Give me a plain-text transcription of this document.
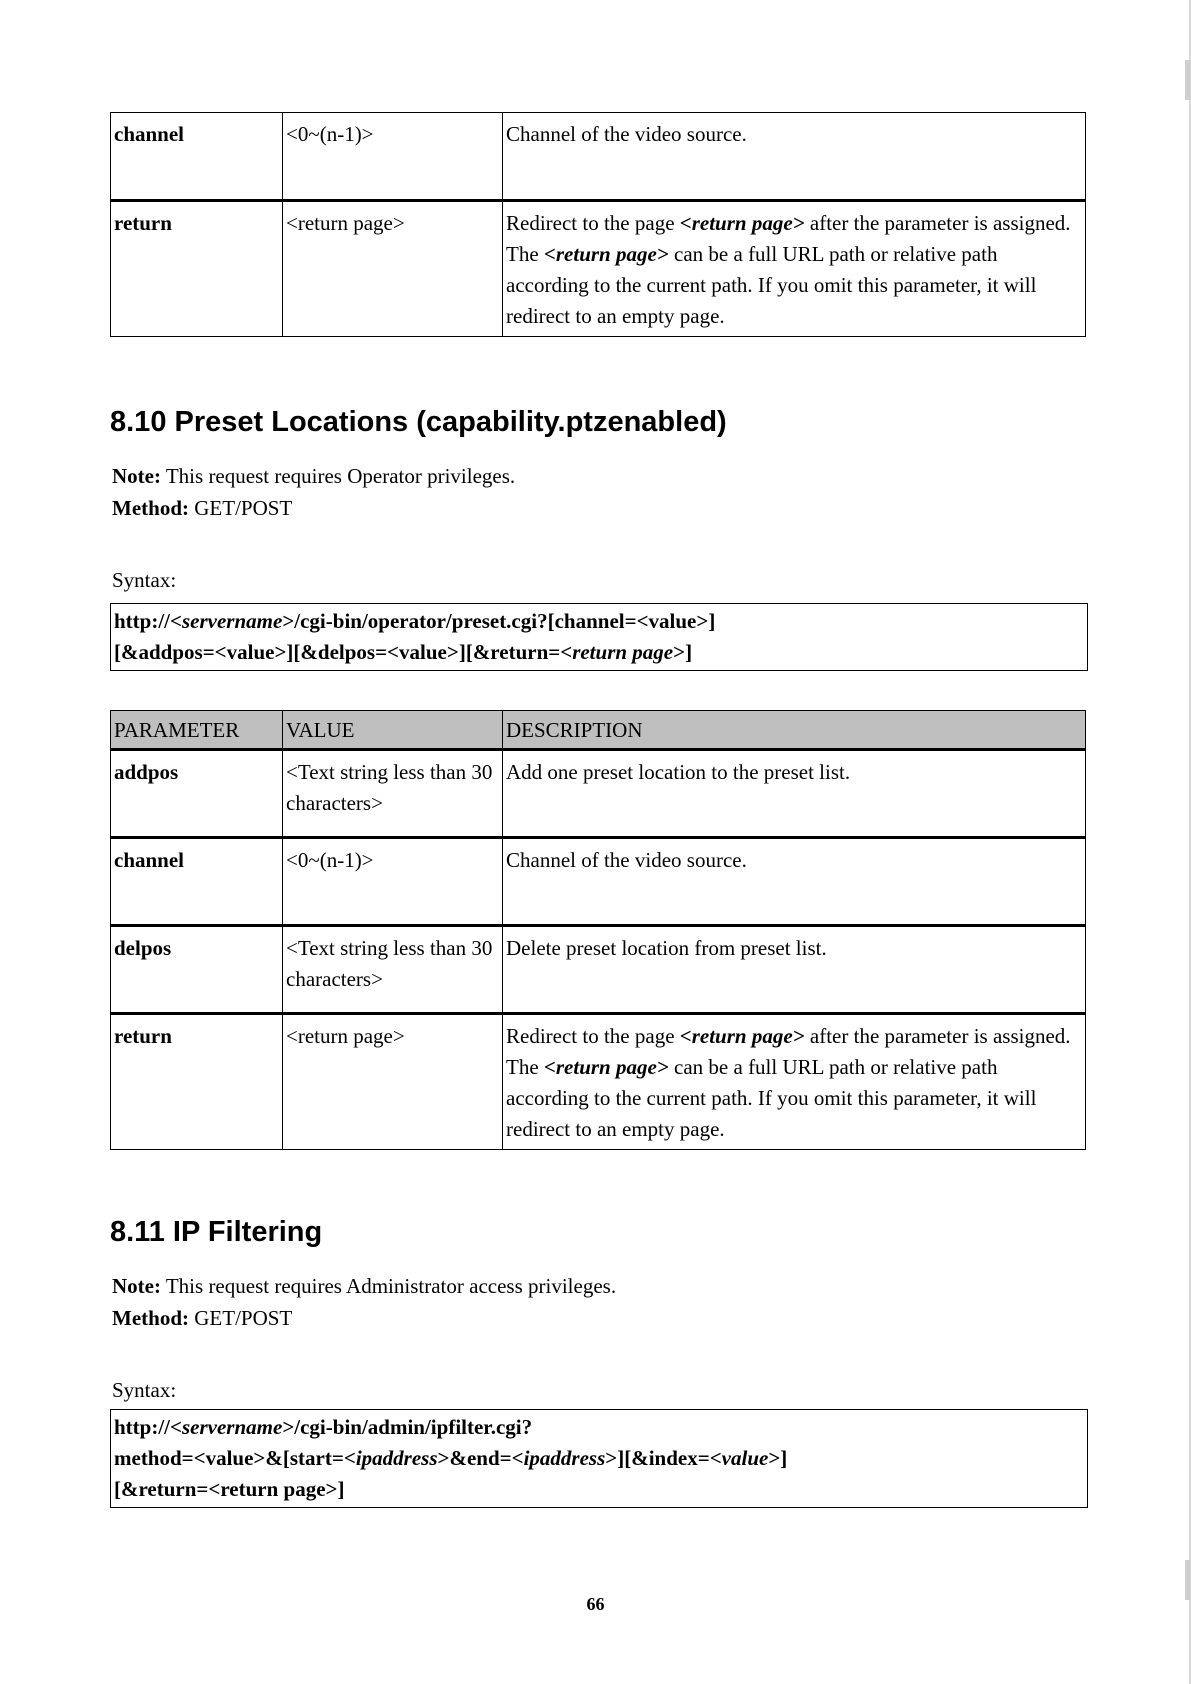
channel	<0~(n-1)>	Channel of the video source.
return	<return page>	Redirect to the page <return page> after the parameter is assigned. The <return page> can be a full URL path or relative path according to the current path. If you omit this parameter, it will redirect to an empty page.
8.10 Preset Locations (capability.ptzenabled)

Note: This request requires Operator privileges.

Method: GET/POST

Syntax:

http://<servername>/cgi-bin/operator/preset.cgi?[channel=<value>]
[&addpos=<value>][&delpos=<value>][&return=<return page>]
PARAMETER	VALUE	DESCRIPTION
addpos	<Text string less than 30 characters>	Add one preset location to the preset list.
channel	<0~(n-1)>	Channel of the video source.
delpos	<Text string less than 30 characters>	Delete preset location from preset list.
return	<return page>	Redirect to the page <return page> after the parameter is assigned. The <return page> can be a full URL path or relative path according to the current path. If you omit this parameter, it will redirect to an empty page.
8.11 IP Filtering

Note: This request requires Administrator access privileges.

Method: GET/POST

Syntax:

http://<servername>/cgi-bin/admin/ipfilter.cgi?
method=<value>&[start=<ipaddress>&end=<ipaddress>][&index=<value>]
[&return=<return page>]
66
